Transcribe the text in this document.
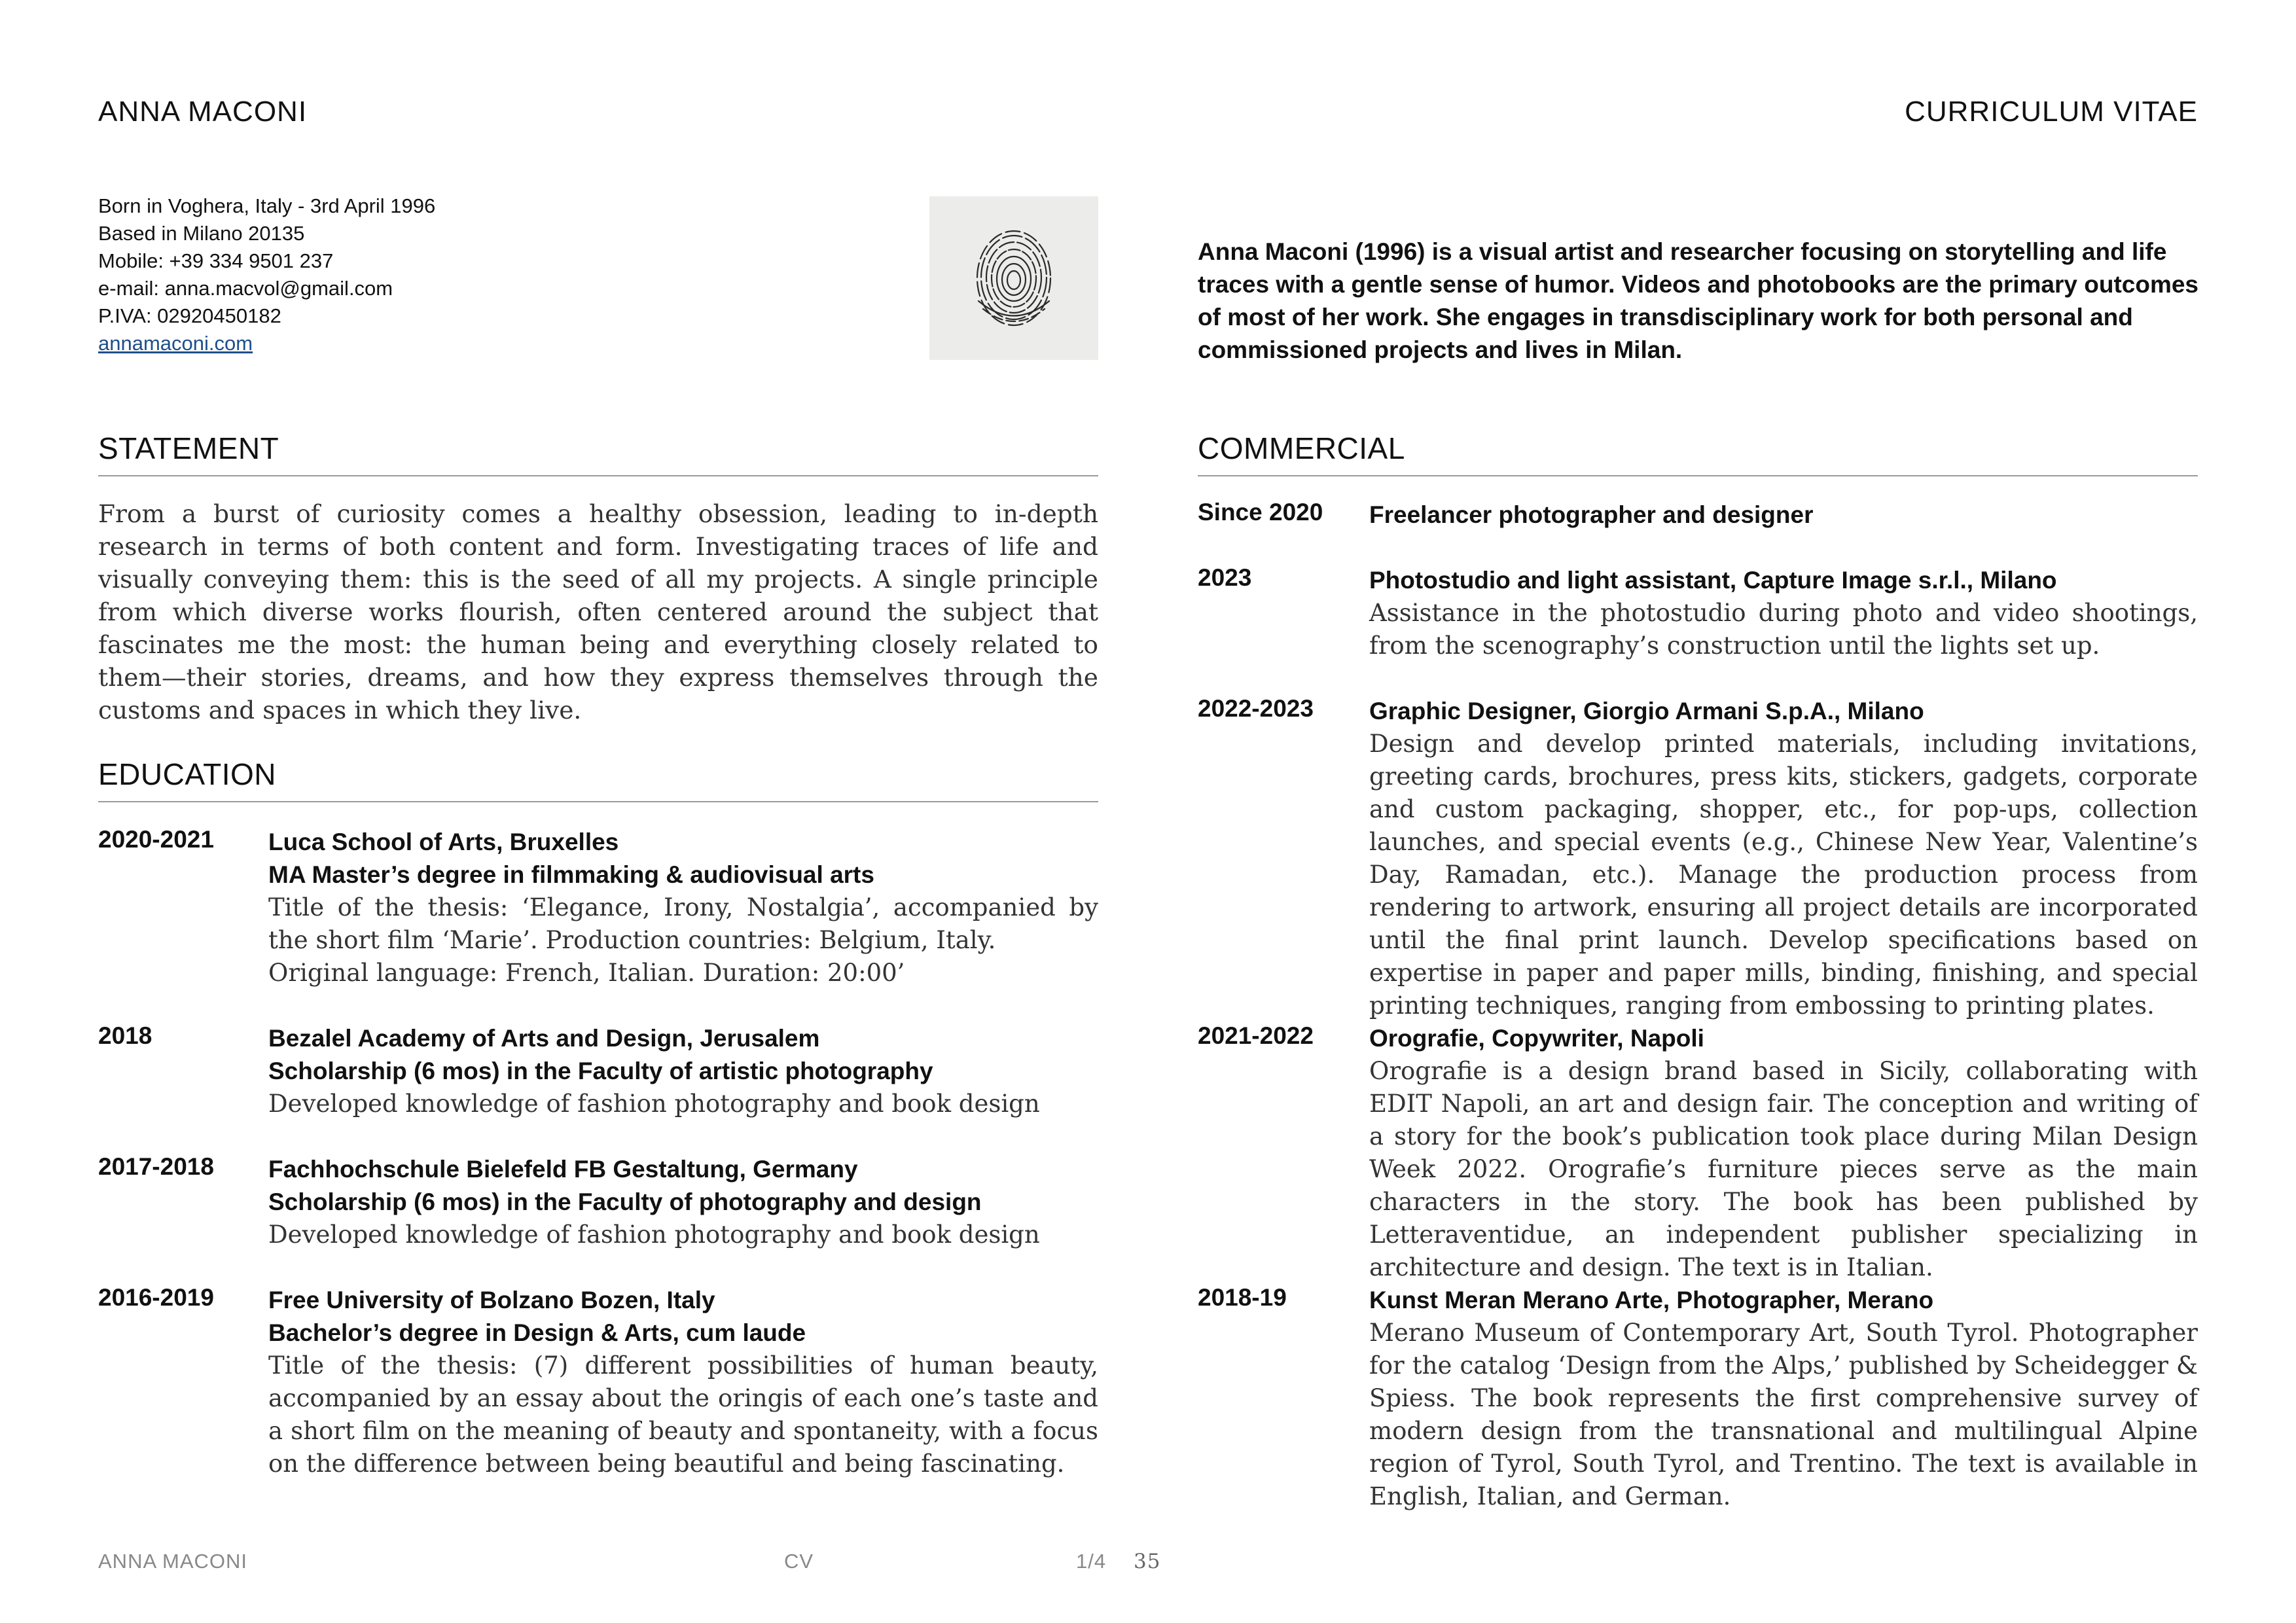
ANNA MACONI	CURRICULUM VITAE
Born in Voghera, Italy - 3rd April 1996
Based in Milano 20135
Mobile: +39 334 9501 237
e-mail: anna.macvol@gmail.com
P.IVA: 02920450182
annamaconi.com
Anna Maconi (1996) is a visual artist and researcher focusing on storytelling and life traces with a gentle sense of humor. Videos and photobooks are the primary outcomes of most of her work. She engages in transdisciplinary work for both personal and commissioned projects and lives in Milan.
STATEMENT
From a burst of curiosity comes a healthy obsession, leading to in-depth research in terms of both content and form. Investigating traces of life and visually conveying them: this is the seed of all my projects. A single principle from which diverse works flourish, often centered around the subject that fascinates me the most: the human being and everything closely related to them—their stories, dreams, and how they express themselves through the customs and spaces in which they live.
EDUCATION
2020-2021 Luca School of Arts, Bruxelles
MA Master’s degree in filmmaking & audiovisual arts
Title of the thesis: ‘Elegance, Irony, Nostalgia’, accompanied by the short film ‘Marie’. Production countries: Belgium, Italy.
Original language: French, Italian. Duration: 20:00’
2018	Bezalel Academy of Arts and Design, Jerusalem
Scholarship (6 mos) in the Faculty of artistic photography
Developed knowledge of fashion photography and book design
2017-2018 Fachhochschule Bielefeld FB Gestaltung, Germany
Scholarship (6 mos) in the Faculty of photography and design
Developed knowledge of fashion photography and book design
2016-2019 Free University of Bolzano Bozen, Italy
Bachelor’s degree in Design & Arts, cum laude
Title of the thesis: (7) different possibilities of human beauty, accompanied by an essay about the oringis of each one’s taste and a short film on the meaning of beauty and spontaneity, with a focus on the difference between being beautiful and being fascinating.
COMMERCIAL
Since 2020 Freelancer photographer and designer
2023	Photostudio and light assistant, Capture Image s.r.l., Milano
Assistance in the photostudio during photo and video shootings, from the scenography’s construction until the lights set up.
2022-2023 Graphic Designer, Giorgio Armani S.p.A., Milano
Design and develop printed materials, including invitations, greeting cards, brochures, press kits, stickers, gadgets, corporate and custom packaging, shopper, etc., for pop-ups, collection launches, and special events (e.g., Chinese New Year, Valentine’s Day, Ramadan, etc.). Manage the production process from rendering to artwork, ensuring all project details are incorporated until the final print launch. Develop specifications based on expertise in paper and paper mills, binding, finishing, and special printing techniques, ranging from embossing to printing plates.
2021-2022 Orografie, Copywriter, Napoli
Orografie is a design brand based in Sicily, collaborating with EDIT Napoli, an art and design fair. The conception and writing of a story for the book’s publication took place during Milan Design Week 2022. Orografie’s furniture pieces serve as the main characters in the story. The book has been published by Letteraventidue, an independent publisher specializing in architecture and design. The text is in Italian.
2018-19	Kunst Meran Merano Arte, Photographer, Merano
Merano Museum of Contemporary Art, South Tyrol. Photographer for the catalog ‘Design from the Alps,’ published by Scheidegger & Spiess. The book represents the first comprehensive survey of modern design from the transnational and multilingual Alpine region of Tyrol, South Tyrol, and Trentino. The text is available in English, Italian, and German.
ANNA MACONI	CV	1/4 35
